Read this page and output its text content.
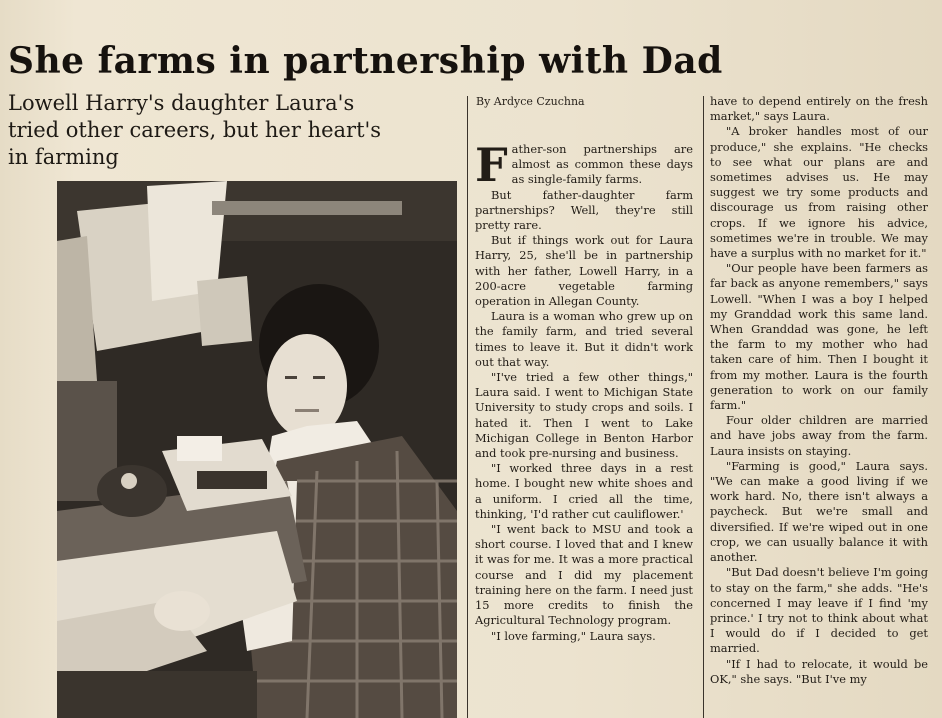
She farms in partnership with Dad

Lowell Harry's daughter Laura's tried other careers, but her heart's in farming

By Ardyce Czuchna

Father-son partnerships are almost as common these days as single-family farms.

But father-daughter farm partnerships? Well, they're still pretty rare.

But if things work out for Laura Harry, 25, she'll be in partnership with her father, Lowell Harry, in a 200-acre vegetable farming operation in Allegan County.

Laura is a woman who grew up on the family farm, and tried several times to leave it. But it didn't work out that way.

"I've tried a few other things," Laura said. I went to Michigan State University to study crops and soils. I hated it. Then I went to Lake Michigan College in Benton Harbor and took pre-nursing and business.

"I worked three days in a rest home. I bought new white shoes and a uniform. I cried all the time, thinking, 'I'd rather cut cauliflower.'

"I went back to MSU and took a short course. I loved that and I knew it was for me. It was a more practical course and I did my placement training here on the farm. I need just 15 more credits to finish the Agricultural Technology program.

"I love farming," Laura says.

have to depend entirely on the fresh market," says Laura.

"A broker handles most of our produce," she explains. "He checks to see what our plans are and sometimes advises us. He may suggest we try some products and discourage us from raising other crops. If we ignore his advice, sometimes we're in trouble. We may have a surplus with no market for it."

"Our people have been farmers as far back as anyone remembers," says Lowell. "When I was a boy I helped my Granddad work this same land. When Granddad was gone, he left the farm to my mother who had taken care of him. Then I bought it from my mother. Laura is the fourth generation to work on our family farm."

Four older children are married and have jobs away from the farm. Laura insists on staying.

"Farming is good," Laura says. "We can make a good living if we work hard. No, there isn't always a paycheck. But we're small and diversified. If we're wiped out in one crop, we can usually balance it with another.

"But Dad doesn't believe I'm going to stay on the farm," she adds. "He's concerned I may leave if I find 'my prince.' I try not to think about what I would do if I decided to get married.

"If I had to relocate, it would be OK," she says. "But I've my
